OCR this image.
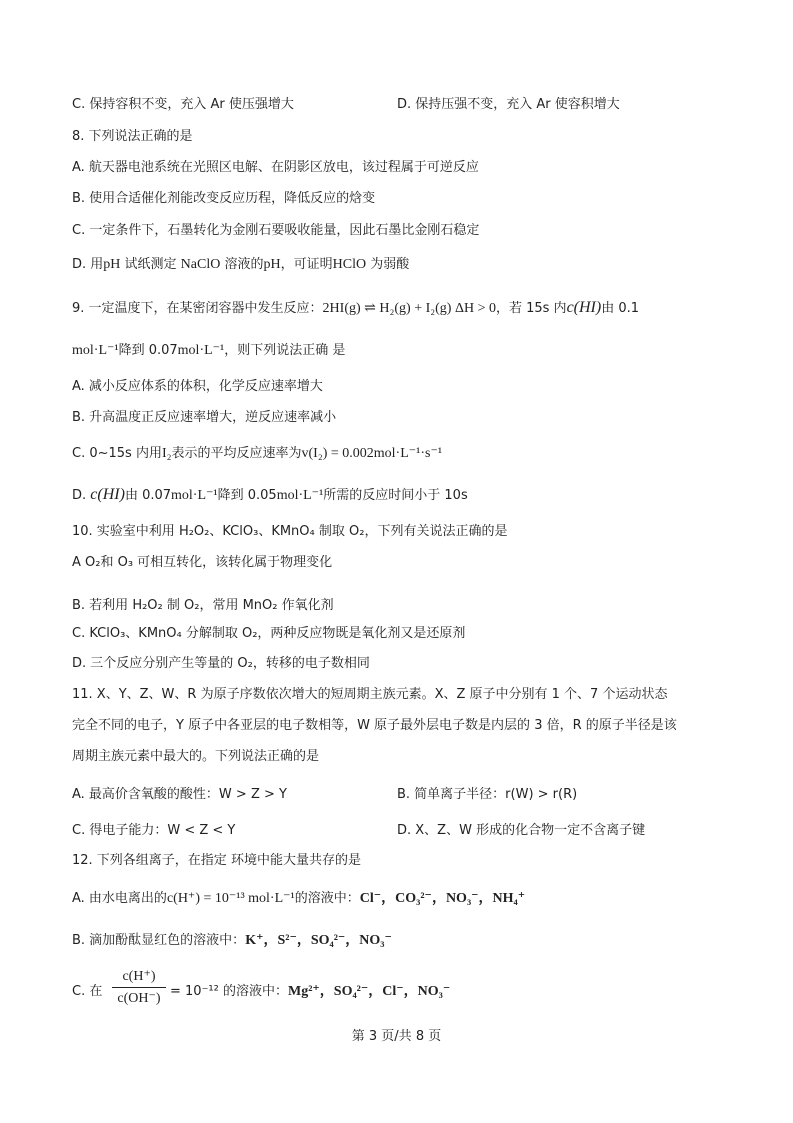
C. 保持容积不变，充入 Ar 使压强增大	D. 保持压强不变，充入 Ar 使容积增大
8. 下列说法正确的是
A. 航天器电池系统在光照区电解、在阴影区放电，该过程属于可逆反应
B. 使用合适催化剂能改变反应历程，降低反应的焓变
C. 一定条件下，石墨转化为金刚石要吸收能量，因此石墨比金刚石稳定
D. 用pH 试纸测定 NaClO 溶液的pH，可证明HClO 为弱酸
9. 一定温度下，在某密闭容器中发生反应：2HI(g) ⇌ H₂(g) + I₂(g) ΔH > 0，若 15s 内c(HI)由 0.1
mol·L⁻¹降到 0.07mol·L⁻¹，则下列说法正确 是
A. 减小反应体系的体积，化学反应速率增大
B. 升高温度正反应速率增大，逆反应速率减小
C. 0~15s 内用I₂表示的平均反应速率为v(I₂) = 0.002mol·L⁻¹·s⁻¹
D. c(HI)由 0.07mol·L⁻¹降到 0.05mol·L⁻¹所需的反应时间小于 10s
10. 实验室中利用 H₂O₂、KClO₃、KMnO₄ 制取 O₂，下列有关说法正确的是
A O₂和 O₃ 可相互转化，该转化属于物理变化
B. 若利用 H₂O₂ 制 O₂，常用 MnO₂ 作氧化剂
C. KClO₃、KMnO₄ 分解制取 O₂，两种反应物既是氧化剂又是还原剂
D. 三个反应分别产生等量的 O₂，转移的电子数相同
11. X、Y、Z、W、R 为原子序数依次增大的短周期主族元素。X、Z 原子中分别有 1 个、7 个运动状态
完全不同的电子，Y 原子中各亚层的电子数相等，W 原子最外层电子数是内层的 3 倍，R 的原子半径是该
周期主族元素中最大的。下列说法正确的是
A. 最高价含氧酸的酸性：W > Z > Y	B. 简单离子半径：r(W) > r(R)
C. 得电子能力：W < Z < Y	D. X、Z、W 形成的化合物一定不含离子键
12. 下列各组离子，在指定 环境中能大量共存的是
A. 由水电离出的c(H⁺) = 10⁻¹³ mol·L⁻¹的溶液中：Cl⁻，CO₃²⁻，NO₃⁻，NH₄⁺
B. 滴加酚酞显红色的溶液中：K⁺，S²⁻，SO₄²⁻，NO₃⁻
C. 在
c(H⁺)
c(OH⁻) = 10⁻¹² 的溶液中：Mg²⁺，SO₄²⁻，Cl⁻，NO₃⁻
第 3 页/共 8 页
